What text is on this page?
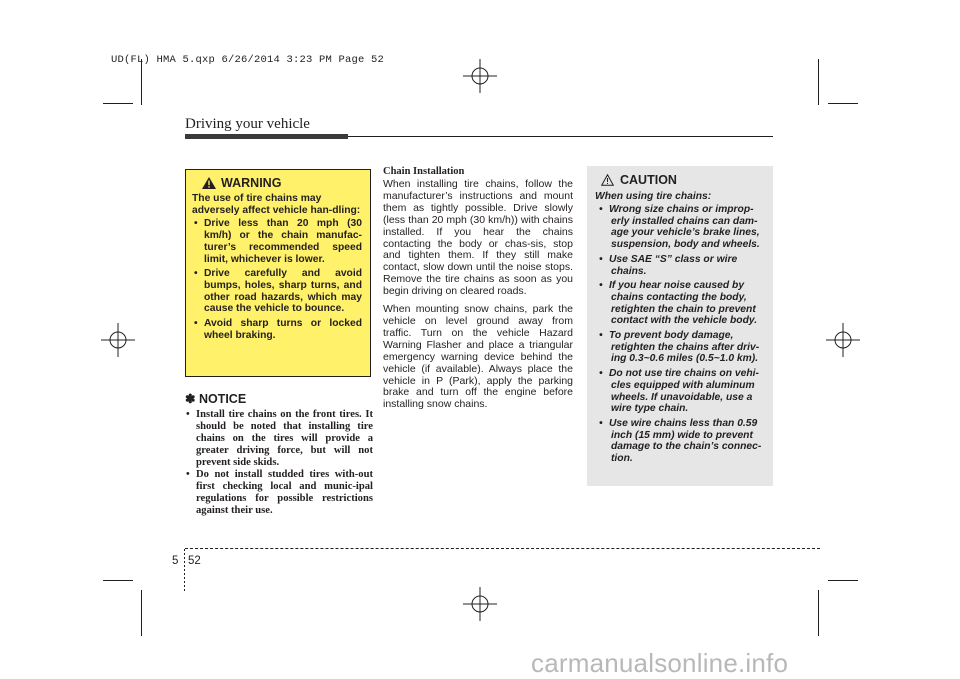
UD(FL) HMA 5.qxp 6/26/2014 3:23 PM Page 52
Driving your vehicle
WARNING

The use of tire chains may adversely affect vehicle han-dling:

• Drive less than 20 mph (30 km/h) or the chain manufac-turer’s recommended speed limit, whichever is lower.
• Drive carefully and avoid bumps, holes, sharp turns, and other road hazards, which may cause the vehicle to bounce.
• Avoid sharp turns or locked wheel braking.
✽ NOTICE
• Install tire chains on the front tires. It should be noted that installing tire chains on the tires will provide a greater driving force, but will not prevent side skids.
• Do not install studded tires with-out first checking local and munic-ipal regulations for possible restrictions against their use.
Chain Installation

When installing tire chains, follow the manufacturer’s instructions and mount them as tightly possible. Drive slowly (less than 20 mph (30 km/h)) with chains installed. If you hear the chains contacting the body or chas-sis, stop and tighten them. If they still make contact, slow down until the noise stops. Remove the tire chains as soon as you begin driving on cleared roads.

When mounting snow chains, park the vehicle on level ground away from traffic. Turn on the vehicle Hazard Warning Flasher and place a triangular emergency warning device behind the vehicle (if available). Always place the vehicle in P (Park), apply the parking brake and turn off the engine before installing snow chains.

CAUTION

When using tire chains:

• Wrong size chains or improp-erly installed chains can dam-age your vehicle’s brake lines, suspension, body and wheels.
• Use SAE “S” class or wire chains.
• If you hear noise caused by chains contacting the body, retighten the chain to prevent contact with the vehicle body.
• To prevent body damage, retighten the chains after driv-ing 0.3~0.6 miles (0.5~1.0 km).
• Do not use tire chains on vehi-cles equipped with aluminum wheels. If unavoidable, use a wire type chain.
• Use wire chains less than 0.59 inch (15 mm) wide to prevent damage to the chain’s connec-tion.
5 52
carmanualsonline.info
